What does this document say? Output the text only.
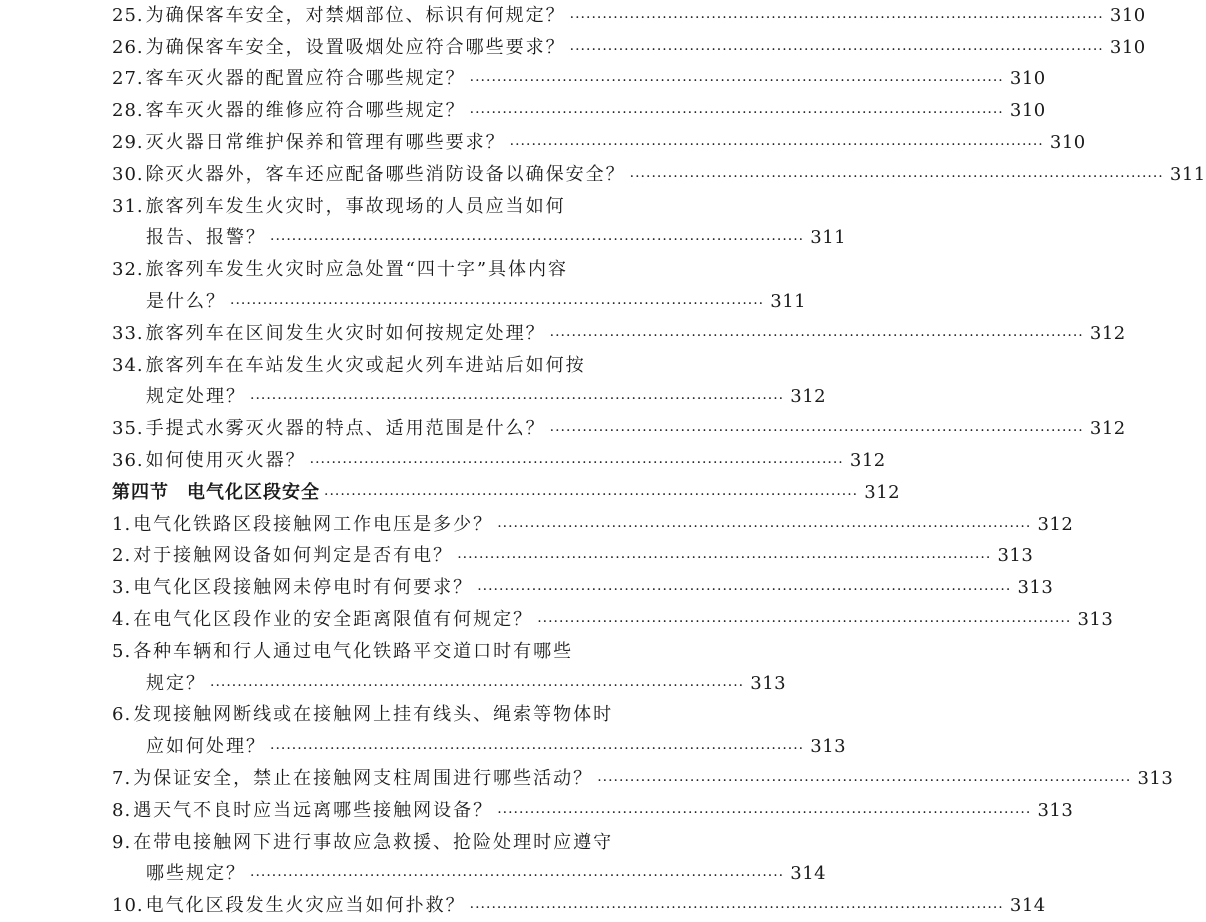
25. 为确保客车安全，对禁烟部位、标识有何规定？ ·································································································· 310
26. 为确保客车安全，设置吸烟处应符合哪些要求？ ·································································································· 310
27. 客车灭火器的配置应符合哪些规定？ ·································································································· 310
28. 客车灭火器的维修应符合哪些规定？ ·································································································· 310
29. 灭火器日常维护保养和管理有哪些要求？ ·································································································· 310
30. 除灭火器外，客车还应配备哪些消防设备以确保安全？ ·································································································· 311
31. 旅客列车发生火灾时，事故现场的人员应当如何
报告、报警？ ·································································································· 311
32. 旅客列车发生火灾时应急处置“四十字”具体内容
是什么？ ·································································································· 311
33. 旅客列车在区间发生火灾时如何按规定处理？ ·································································································· 312
34. 旅客列车在车站发生火灾或起火列车进站后如何按
规定处理？ ·································································································· 312
35. 手提式水雾灭火器的特点、适用范围是什么？ ·································································································· 312
36. 如何使用灭火器？ ·································································································· 312
第四节 电气化区段安全 ·································································································· 312
1. 电气化铁路区段接触网工作电压是多少？ ·································································································· 312
2. 对于接触网设备如何判定是否有电？ ·································································································· 313
3. 电气化区段接触网未停电时有何要求？ ·································································································· 313
4. 在电气化区段作业的安全距离限值有何规定？ ·································································································· 313
5. 各种车辆和行人通过电气化铁路平交道口时有哪些
规定？ ·································································································· 313
6. 发现接触网断线或在接触网上挂有线头、绳索等物体时
应如何处理？ ·································································································· 313
7. 为保证安全，禁止在接触网支柱周围进行哪些活动？ ·································································································· 313
8. 遇天气不良时应当远离哪些接触网设备？ ·································································································· 313
9. 在带电接触网下进行事故应急救援、抢险处理时应遵守
哪些规定？ ·································································································· 314
10. 电气化区段发生火灾应当如何扑救？ ·································································································· 314
